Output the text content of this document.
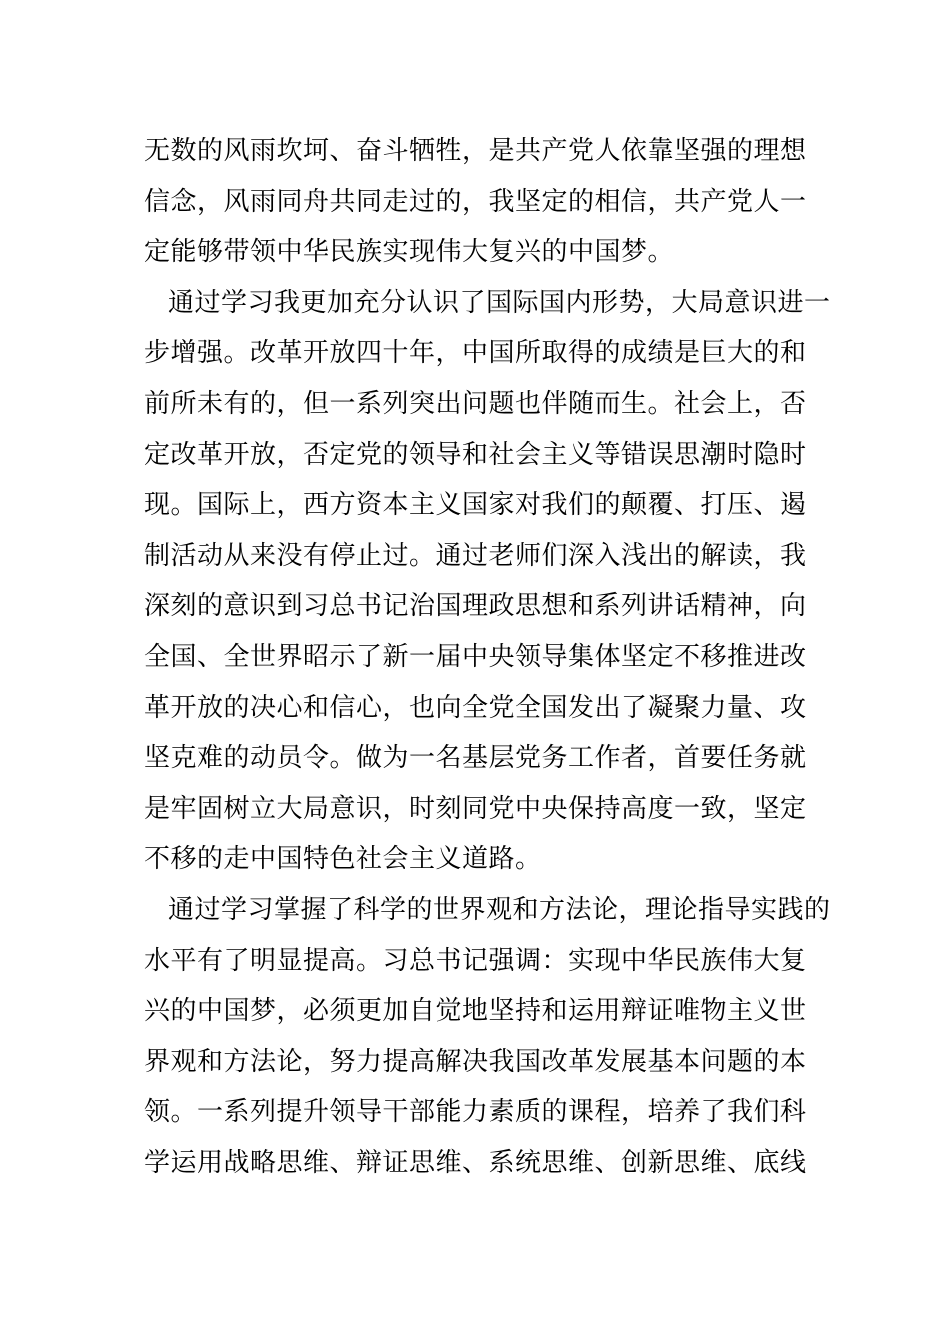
无数的风雨坎坷、奋斗牺牲，是共产党人依靠坚强的理想
信念，风雨同舟共同走过的，我坚定的相信，共产党人一
定能够带领中华民族实现伟大复兴的中国梦。
通过学习我更加充分认识了国际国内形势，大局意识进一
步增强。改革开放四十年，中国所取得的成绩是巨大的和
前所未有的，但一系列突出问题也伴随而生。社会上，否
定改革开放，否定党的领导和社会主义等错误思潮时隐时
现。国际上，西方资本主义国家对我们的颠覆、打压、遏
制活动从来没有停止过。通过老师们深入浅出的解读，我
深刻的意识到习总书记治国理政思想和系列讲话精神，向
全国、全世界昭示了新一届中央领导集体坚定不移推进改
革开放的决心和信心，也向全党全国发出了凝聚力量、攻
坚克难的动员令。做为一名基层党务工作者，首要任务就
是牢固树立大局意识，时刻同党中央保持高度一致，坚定
不移的走中国特色社会主义道路。
通过学习掌握了科学的世界观和方法论，理论指导实践的
水平有了明显提高。习总书记强调：实现中华民族伟大复
兴的中国梦，必须更加自觉地坚持和运用辩证唯物主义世
界观和方法论，努力提高解决我国改革发展基本问题的本
领。一系列提升领导干部能力素质的课程，培养了我们科
学运用战略思维、辩证思维、系统思维、创新思维、底线
